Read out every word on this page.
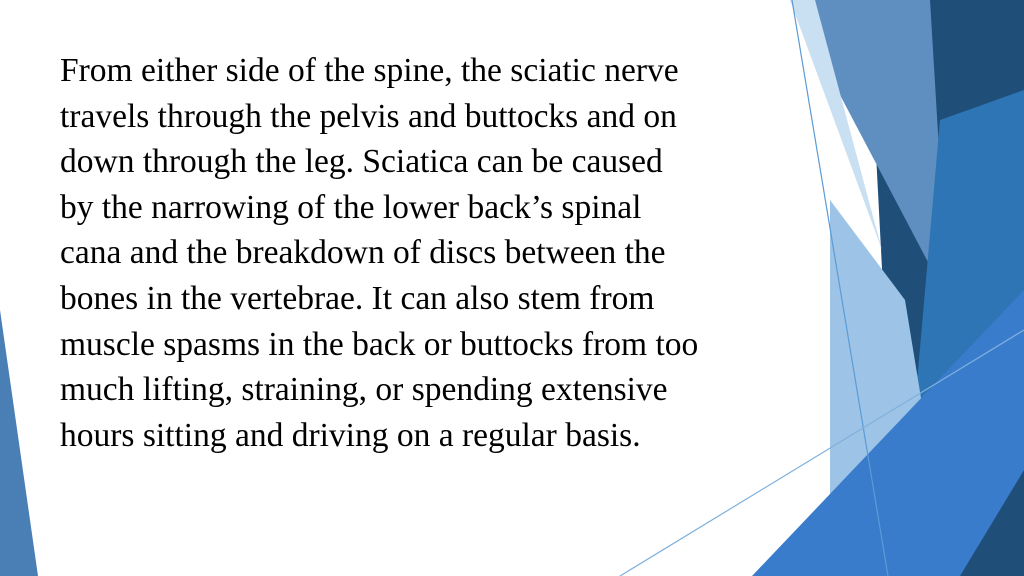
From either side of the spine, the sciatic nerve
travels through the pelvis and buttocks and on
down through the leg. Sciatica can be caused
by the narrowing of the lower back’s spinal
cana and the breakdown of discs between the
bones in the vertebrae. It can also stem from
muscle spasms in the back or buttocks from too
much lifting, straining, or spending extensive
hours sitting and driving on a regular basis.
